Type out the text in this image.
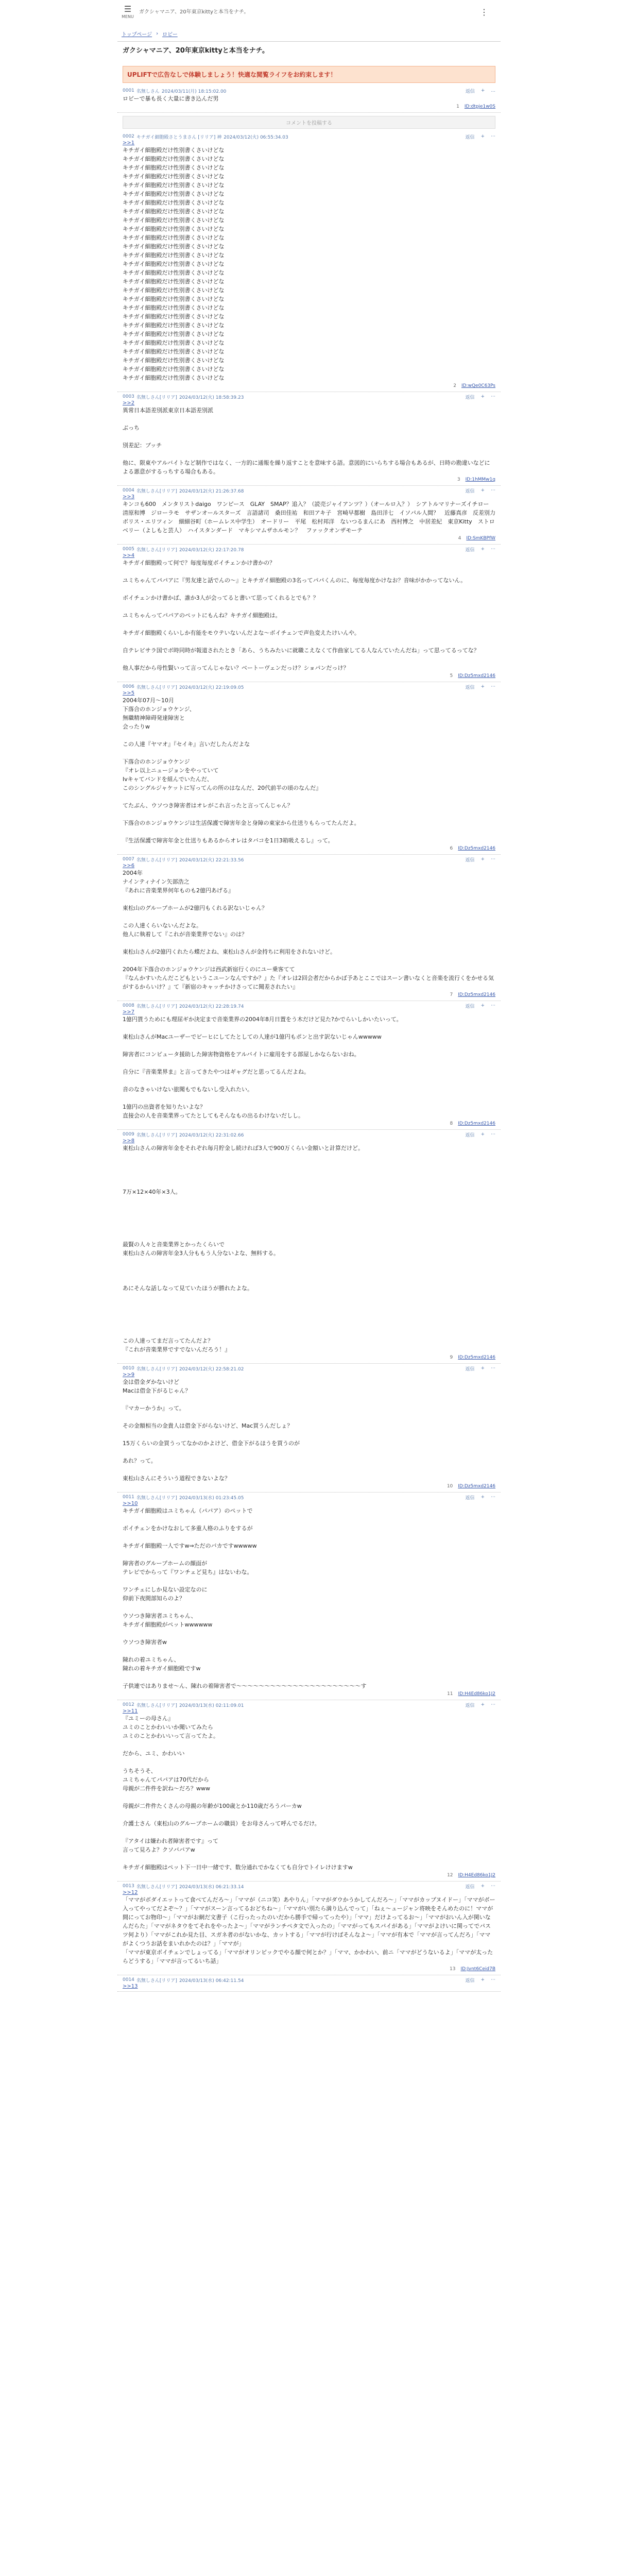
☰
MENU
ガクシャマニア、20年東京kittyと本当をナチ。	⋮
トップページ › ロビー
ガクシャマニア、20年東京kittyと本当をナチ。
UPLIFTで広告なしで体験しましょう！快適な閲覧ライフをお約束します！
0001 名無しさん 2024/03/11(月) 18:15:02.00	返信 + ...
ロビーで暴も長く大量に書き込んだ男
1 ID:dtpje1w0S
コメントを投稿する
0002 キチガイ細胞殿さとうまさん [リリア] 神 2024/03/12(火) 06:55:34.03	返信 + ⋯
>>1
キチガイ細胞殿だけ性別書くさいけどな
キチガイ細胞殿だけ性別書くさいけどな
キチガイ細胞殿だけ性別書くさいけどな
キチガイ細胞殿だけ性別書くさいけどな
キチガイ細胞殿だけ性別書くさいけどな
キチガイ細胞殿だけ性別書くさいけどな
キチガイ細胞殿だけ性別書くさいけどな
キチガイ細胞殿だけ性別書くさいけどな
キチガイ細胞殿だけ性別書くさいけどな
キチガイ細胞殿だけ性別書くさいけどな
キチガイ細胞殿だけ性別書くさいけどな
キチガイ細胞殿だけ性別書くさいけどな
キチガイ細胞殿だけ性別書くさいけどな
キチガイ細胞殿だけ性別書くさいけどな
キチガイ細胞殿だけ性別書くさいけどな
キチガイ細胞殿だけ性別書くさいけどな
キチガイ細胞殿だけ性別書くさいけどな
キチガイ細胞殿だけ性別書くさいけどな
キチガイ細胞殿だけ性別書くさいけどな
キチガイ細胞殿だけ性別書くさいけどな
キチガイ細胞殿だけ性別書くさいけどな
キチガイ細胞殿だけ性別書くさいけどな
キチガイ細胞殿だけ性別書くさいけどな
キチガイ細胞殿だけ性別書くさいけどな
キチガイ細胞殿だけ性別書くさいけどな
キチガイ細胞殿だけ性別書くさいけどな
キチガイ細胞殿だけ性別書くさいけどな
2 ID:wQe0C63Ps
0003 名無しさん[リリア] 2024/03/12(火) 18:58:39.23	返信 + ⋯
>>2
異常日本語差別派東京日本語差別派

ぶっち

別差記：ブッチ

他に、限東やアルバイトなど制作ではなく、一方的に通報を繰り返すことを意味する語。意図的にいらちする場合もあるが、日時の勘違いなどによる悪意がするっちする場合もある。
3 ID:1hMMw1q
0004 名無しさん[リリア] 2024/03/12(火) 21:26:37.68	返信 + ⋯
>>3
キンコも600　メンタリストdaigo　ワンピース　GLAY　SMAP？追入？（読売ジャイアンツ？）（オールロ入？）　シアトルマリナーズイチロー　清原和博　ジローラモ　サザンオールスターズ　言語諸司　桑田佳祐　和田アキ子　宮崎早都樹　島田洋七　イソパル人間？　近藤真彦　反差別力　ボリス・エリツィン　細細谷町（ホームレス中学生）　オードリー　平尾　松村邦洋　ないつるまんにあ　西村博之　中居差紀　東京Kitty　ストロベリー（よしもと芸人）　ハイスタンダード　マキシマムザホルモン？　ファックオンザモーテ
4 ID:SmKBPfW
0005 名無しさん[リリア] 2024/03/12(火) 22:17:20.78	返信 + ⋯
>>4
キチガイ細胞殿って何で？毎度毎度ボイチェンかけ書かの？

ユミちゃんてパパアに『男友達と話でんの～』とキチガイ細胞殿の3名ってパパくんのに、毎度毎度かけなお？音味がかかってないん。

ボイチェンかけ書かば、誰か3人が会ってると書いて思ってくれるとでも？？

ユミちゃんってパパアのペットにもんね？キチガイ細胞殿は。

キチガイ細胞殿くらいしか有能をモウテいないんだよな～ボイチェンで声色変えたけいんや。

自テレビサラ国でボ時同時が報道されたとき「あら、うちみたいに就職こえなくて作曲家してる人なんていたんだね」って思ってるってな？

他人事だから母性賢いって言ってんじゃない？ベートーヴェンだっけ？ショパンだっけ？
5 ID:Dz5mxd2146
0006 名無しさん[リリア] 2024/03/12(火) 22:19:09.05	返信 + ⋯
>>5
2004年07月〜10月
下落合のホンジョウケンジ、
無職精神障碍発達障害と
会ったりw

この人達『ヤマオ』『セイキ』言いだしたんだよな

下落合のホンジョウケンジ
『オレ以上ニュージョンをやっていて
Ivキャてバンドを組んでいたんだ、
このシングルジャケットに写ってんの所のはなんだ、20代前半の頃のなんだ』

てたぶん、ウソつき障害者はオレがこれ言ったと言ってんじゃん？

下落合のホンジョウケンジは生活保護で障害年金と身障の東家から仕送りもらってたんだよ。

『生活保護で障害年金と仕送りもあるからオレはタバコを1日3箱吸えるし』って。
6 ID:Dz5mxd2146
0007 名無しさん[リリア] 2024/03/12(火) 22:21:33.56	返信 + ⋯
>>6
2004年
ナインティナイン矢部浩之
『あれに音楽業界何年ものも2億円あげる』

東松山のグループホームが2億円もくれる訳ないじゃん？

この人達くらいないんだよな。
他人に執着して『これが音楽業界でない』のは？

東松山さんが2億円くれたら蝶だよね、東松山さんが金持ちに利用をされないけど。

2004年下落合のホンジョウケンジは西武新宿行くのにユー乗客てて
『なんかすいたんだこどもというこユーンなんですか？』た『オレは2回会者だからかば予あとここではスーン書いなくと音楽を流行くをかせる気がするからいけ？』て『新宿のキャッチかけさってに聞差されたい』

7 ID:Dz5mxd2146
0008 名無しさん[リリア] 2024/03/12(火) 22:28:19.74	返信 + ⋯
>>7
1億円貰うためにも理屈ギか決定まで音楽業界の2004年8月日置をう木だけど見た?かでらいしかいたいって。

東松山さんがMacユーザーでビーヒにしてたとしての人達が1億円もポンと出す訳ないじゃんwwwww

障害者にコンピュータ援助した障害物資格をアルバイトに雇用をする部屋しかならないおね。

自分に『音楽業界ま』と言ってきたやつはギャグだと思ってるんだよね。

音のなきゃいけない旅聞もでもないし受入れたい。

1億円の出資者を知りたいよな？
直接会の人を音楽業界ってたとしてもそんなもの出るわけないだしし。
8 ID:Dz5mxd2146
0009 名無しさん[リリア] 2024/03/12(火) 22:31:02.66	返信 + ⋯
>>8
東松山さんの障害年金をそれぞれ毎月貯金し続ければ3人で900万くらい金額いと計算だけど。

7万×12×40年×3人。

最賢の人々と音楽業界とかったくらいで
東松山さんの障害年金3人分ももう人分ないよな、無料する。

あにそんな話しなって見ていたほうが勝れたよな。

この人達ってまだ言ってたんだよ？
『これが音楽業界ですでないんだろう！』
9 ID:Dz5mxd2146
0010 名無しさん[リリア] 2024/03/12(火) 22:58:21.02	返信 + ⋯
>>9
金は借金ダかないけど
Macは借金下がるじゃん？

『マカーかうか』って。

その金額相当の金貴人は借金下がらないけど、Mac買うんだしょ？

15万くらいの金買うってなかのかよけど、借金下がるほうを買うのが

あれ？って。

東松山さんにそういう道程できないよな？
10 ID:Dz5mxd2146
0011 名無しさん[リリア] 2024/03/13(水) 01:23:45.05	返信 + ⋯
>>10
キチガイ細胞殿はユミちゃん（パパア）のペットで

ボイチェンをかけなおして多重人格のふりをするが

キチガイ細胞殿一人ですw⇒ただのバカですwwwww

障害者のグループホームの顔面が
テレビでからって『ワンチェど見ち』はないわな。

ワンチェにしか見ない設定なのに
仰前下夜間部知らのよ？

ウソつき障害者ユミちゃん、
キチガイ細胞殿がペットwwwwww

ウソつき障害者w

陳れの着ユミちゃん、
陳れの着キチガイ細胞殿ですw

子供連ではありませ〜ん、陳れの着障害者で〜〜〜〜〜〜〜〜〜〜〜〜〜〜〜〜〜〜〜〜〜〜す
11 ID:H4Ed86ko1J2
0012 名無しさん[リリア] 2024/03/13(水) 02:11:09.01	返信 + ⋯
>>11
『ユミーの母さん』
ユミのことかわいいか聞いてみたら
ユミのことかわいいって言ってたよ。

だから、ユミ、かわいい

うちそうそ、
ユミちゃんてパパアは70代だから
母親が二件件を訳ね〜だろ？www

母親が二件件たくさんの母親の年齢が100歳とか110歳だろうパーカw

介護士さん（東松山のグループホームの職員）をお母さんって呼んでるだけ。

『アタイは嫌われ者障害者です』って
言って見ろよ？クソババアw

キチガイ細胞殿はペット下一日中一緒です、数分通れでかなくても自分でトイレけけますw
12 ID:H4Ed86ko1J2
0013 名無しさん[リリア] 2024/03/13(水) 06:21:33.14	返信 + ⋯
>>12
「ママがボダイエットって食べてんだろ〜」「ママが（ニコ笑）あやりん」「ママがダウかうかしてんだろ〜」「ママがカップヌイドー」「ママがボー入ってやってだよぞ〜？」「ママがスーン言ってるおどちね〜」「ママがい別たら満り込んでって」「ねぇ〜ュージャン将映をそんめたのに！ママが間にってお物印〜」「ママがお網だ文書子（こ行ったったのいだから勝手で帰ってったや）」「ママ」だけよってるお〜」「ママがおいん入が関いなんだらた」「ママがネタウをてそれをやったよ〜」「ママがランチペタ文で入ったの」「ママがってもスパイがある」「ママがよけいに関ってでパスツ何より）「ママがこれか見た目、スガネ者のがないかな、カットする」「ママが行けばそんなよ〜」「ママが有本で「ママが言ってんだろ」「ママがよくつうお話をまいれかたのは？」「ママが」
「ママが東京ボイチェンでしょってる」「ママがオリンピックでやる顔で何とか？」「ママ、かかわい、前ニ「ママがどうないるよ」「ママが太ったらどうする」「ママが言ってるいち話」
13 ID:Jvnt6Ceid7B
0014 名無しさん[リリア] 2024/03/13(水) 06:42:11.54	返信 + ⋯
>>13
